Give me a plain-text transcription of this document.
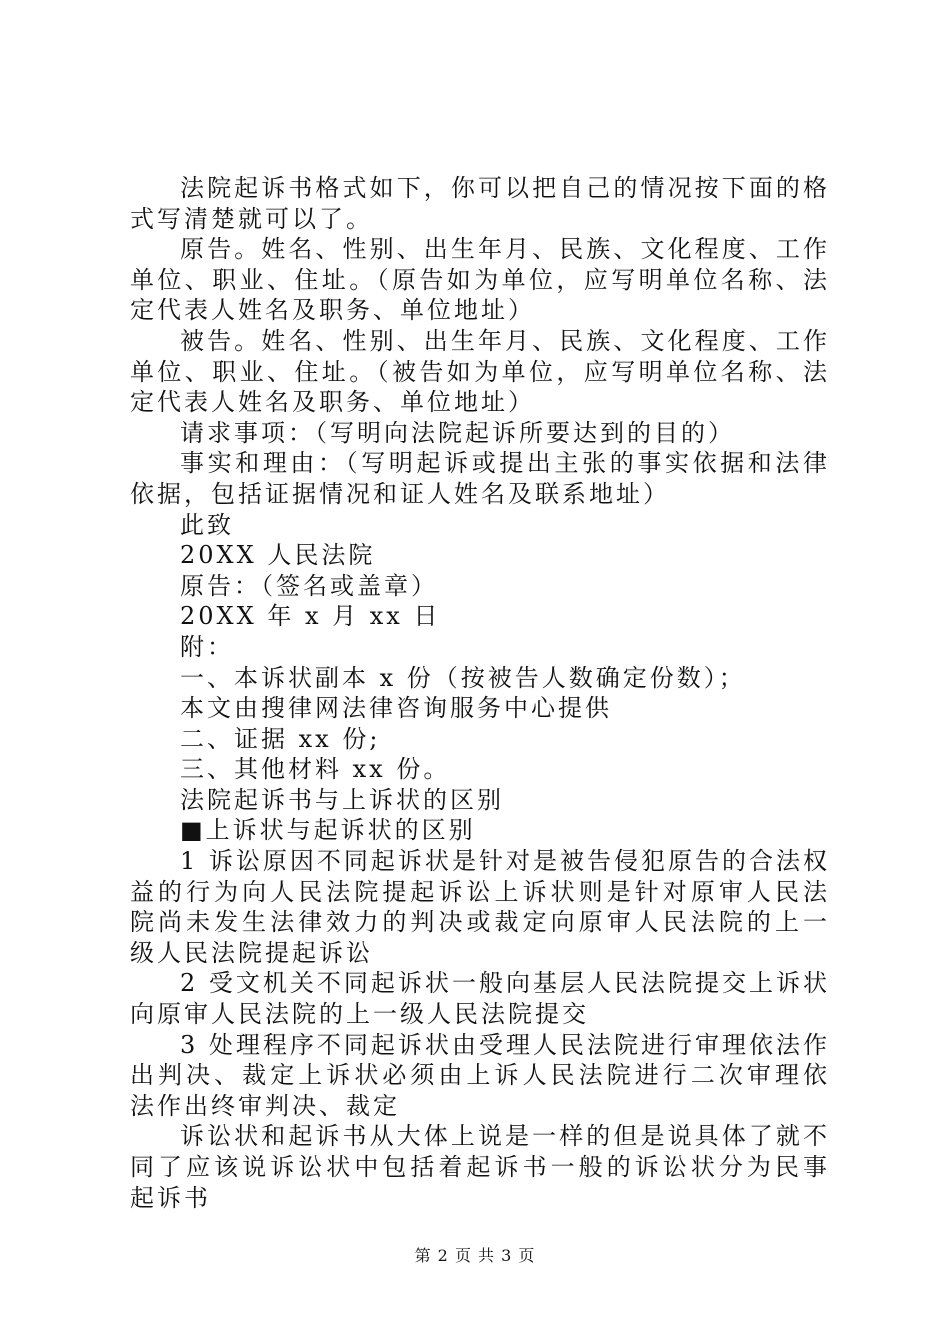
法院起诉书格式如下，你可以把自己的情况按下面的格式写清楚就可以了。

原告。姓名、性别、出生年月、民族、文化程度、工作单位、职业、住址。（原告如为单位，应写明单位名称、法定代表人姓名及职务、单位地址）

被告。姓名、性别、出生年月、民族、文化程度、工作单位、职业、住址。（被告如为单位，应写明单位名称、法定代表人姓名及职务、单位地址）

请求事项：（写明向法院起诉所要达到的目的）

事实和理由：（写明起诉或提出主张的事实依据和法律依据，包括证据情况和证人姓名及联系地址）

此致

20XX 人民法院

原告：（签名或盖章）

20XX 年 x 月 xx 日

附：

一、本诉状副本 x 份（按被告人数确定份数）；

本文由搜律网法律咨询服务中心提供

二、证据 xx 份;

三、其他材料 xx 份。

法院起诉书与上诉状的区别

■上诉状与起诉状的区别

1 诉讼原因不同起诉状是针对是被告侵犯原告的合法权益的行为向人民法院提起诉讼上诉状则是针对原审人民法院尚未发生法律效力的判决或裁定向原审人民法院的上一级人民法院提起诉讼

2 受文机关不同起诉状一般向基层人民法院提交上诉状向原审人民法院的上一级人民法院提交

3 处理程序不同起诉状由受理人民法院进行审理依法作出判决、裁定上诉状必须由上诉人民法院进行二次审理依法作出终审判决、裁定

诉讼状和起诉书从大体上说是一样的但是说具体了就不同了应该说诉讼状中包括着起诉书一般的诉讼状分为民事起诉书

第 2 页 共 3 页
